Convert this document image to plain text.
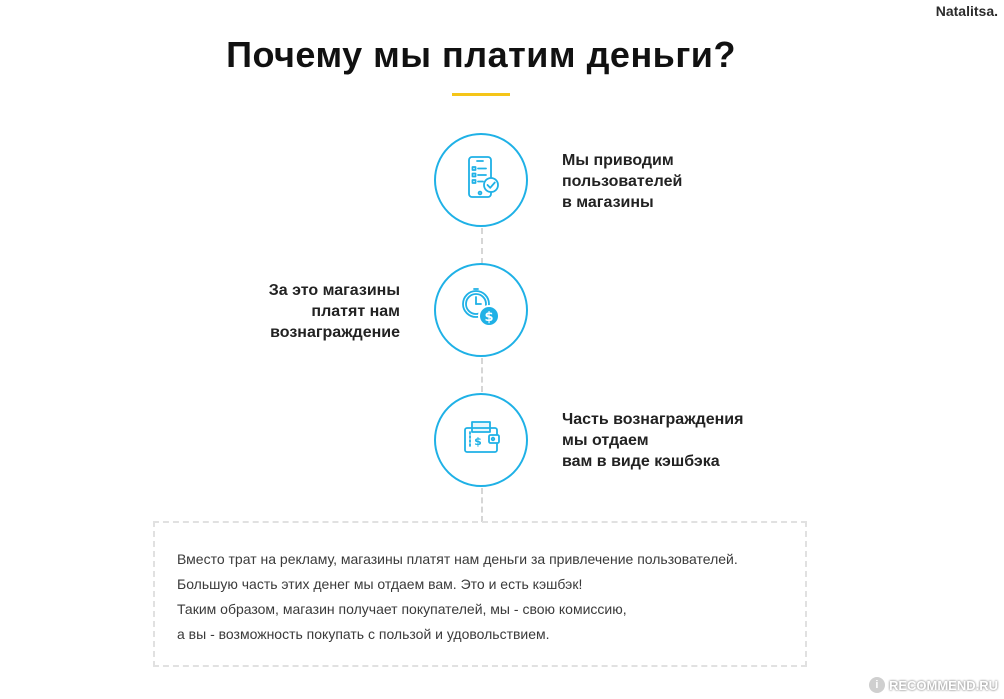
Natalitsa.
Почему мы платим деньги?
Мы приводим
пользователей
в магазины
$
За это магазины
платят нам
вознаграждение
$
Часть вознаграждения
мы отдаем
вам в виде кэшбэка

Вместо трат на рекламу, магазины платят нам деньги за привлечение пользователей.

Большую часть этих денег мы отдаем вам. Это и есть кэшбэк!

Таким образом, магазин получает покупателей, мы - свою комиссию,

а вы - возможность покупать с пользой и удовольствием.

i RECOMMEND.RU
